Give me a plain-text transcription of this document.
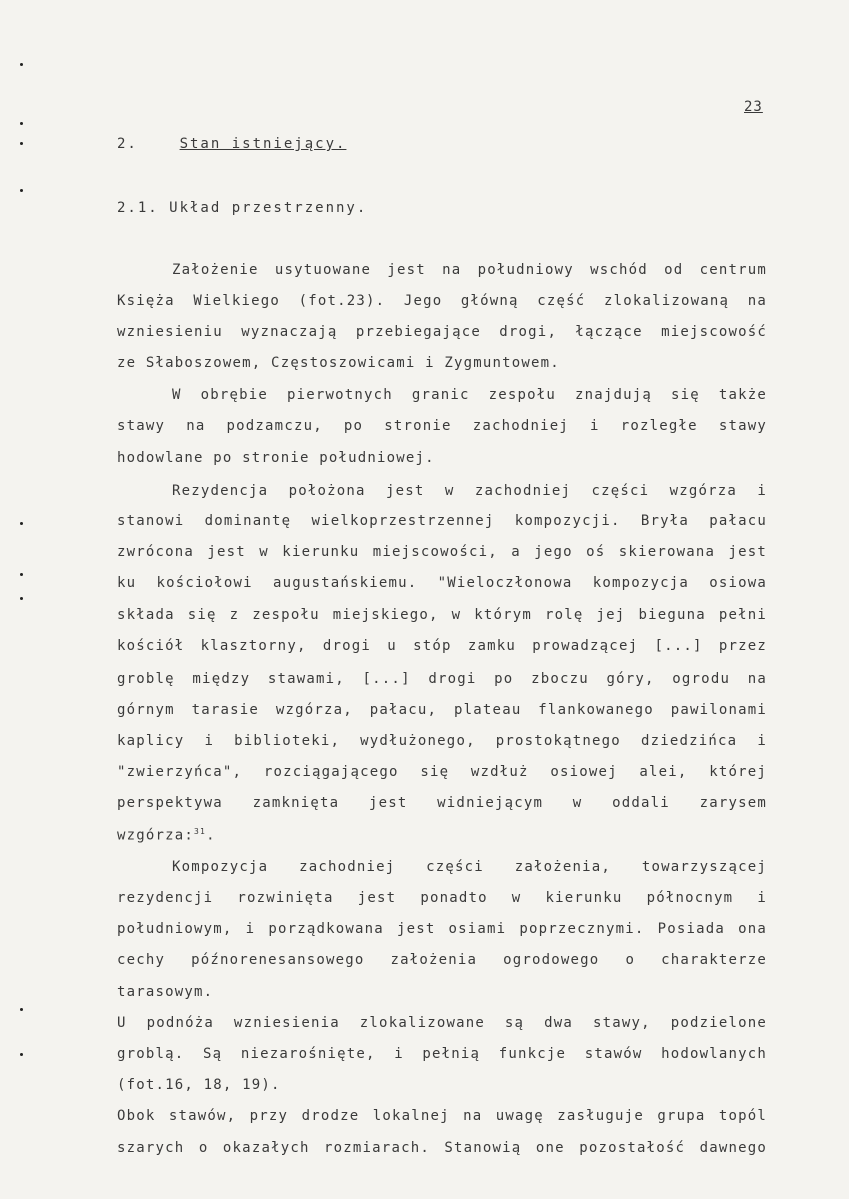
23
2.	Stan istniejący.
2.1. Układ przestrzenny.
Założenie usytuowane jest na południowy wschód od centrum
Księża Wielkiego (fot.23). Jego główną część zlokalizowaną na
wzniesieniu wyznaczają przebiegające drogi, łączące miejscowość
ze Słaboszowem, Częstoszowicami i Zygmuntowem.
W obrębie pierwotnych granic zespołu znajdują się także
stawy na podzamczu, po stronie zachodniej i rozległe stawy
hodowlane po stronie południowej.
Rezydencja położona jest w zachodniej części wzgórza i
stanowi dominantę wielkoprzestrzennej kompozycji. Bryła pałacu
zwrócona jest w kierunku miejscowości, a jego oś skierowana jest
ku kościołowi augustańskiemu. "Wieloczłonowa kompozycja osiowa
składa się z zespołu miejskiego, w którym rolę jej bieguna pełni
kościół klasztorny, drogi u stóp zamku prowadzącej [...] przez
groblę między stawami, [...] drogi po zboczu góry, ogrodu na
górnym tarasie wzgórza, pałacu, plateau flankowanego pawilonami
kaplicy i biblioteki, wydłużonego, prostokątnego dziedzińca i
"zwierzyńca", rozciągającego się wzdłuż osiowej alei, której
perspektywa zamknięta jest widniejącym w oddali zarysem
wzgórza:$^{31}$.
Kompozycja zachodniej części założenia, towarzyszącej
rezydencji rozwinięta jest ponadto w kierunku północnym i
południowym, i porządkowana jest osiami poprzecznymi. Posiada ona
cechy późnorenesansowego założenia ogrodowego o charakterze
tarasowym.
U podnóża wzniesienia zlokalizowane są dwa stawy, podzielone
groblą. Są niezarośnięte, i pełnią funkcje stawów hodowlanych
(fot.16, 18, 19).
Obok stawów, przy drodze lokalnej na uwagę zasługuje grupa topól
szarych o okazałych rozmiarach. Stanowią one pozostałość dawnego
